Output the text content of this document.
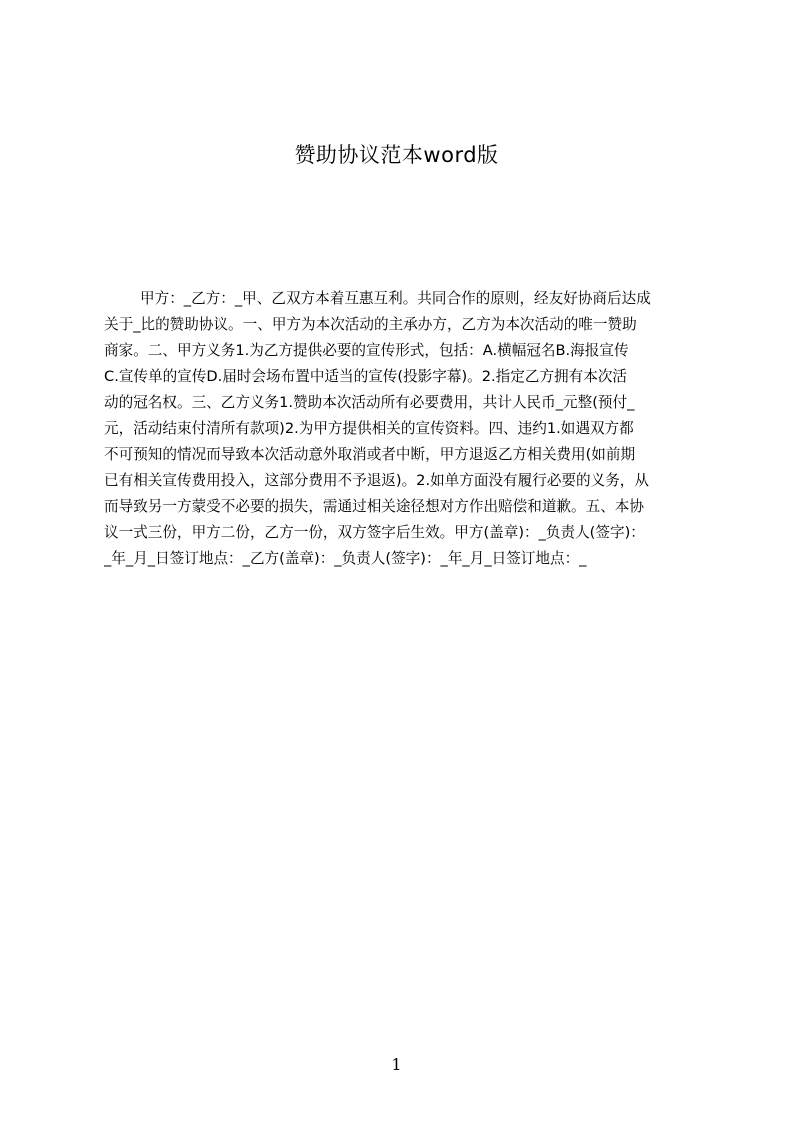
赞助协议范本word版
甲方：_乙方：_甲、乙双方本着互惠互利。共同合作的原则，经友好协商后达成
关于_比的赞助协议。一、甲方为本次活动的主承办方，乙方为本次活动的唯一赞助
商家。二、甲方义务1.为乙方提供必要的宣传形式，包括：A.横幅冠名B.海报宣传
C.宣传单的宣传D.届时会场布置中适当的宣传(投影字幕)。2.指定乙方拥有本次活
动的冠名权。三、乙方义务1.赞助本次活动所有必要费用，共计人民币_元整(预付_
元，活动结束付清所有款项)2.为甲方提供相关的宣传资料。四、违约1.如遇双方都
不可预知的情况而导致本次活动意外取消或者中断，甲方退返乙方相关费用(如前期
已有相关宣传费用投入，这部分费用不予退返)。2.如单方面没有履行必要的义务，从
而导致另一方蒙受不必要的损失，需通过相关途径想对方作出赔偿和道歉。五、本协
议一式三份，甲方二份，乙方一份，双方签字后生效。甲方(盖章)：_负责人(签字)：
_年_月_日签订地点：_乙方(盖章)：_负责人(签字)：_年_月_日签订地点：_
1
